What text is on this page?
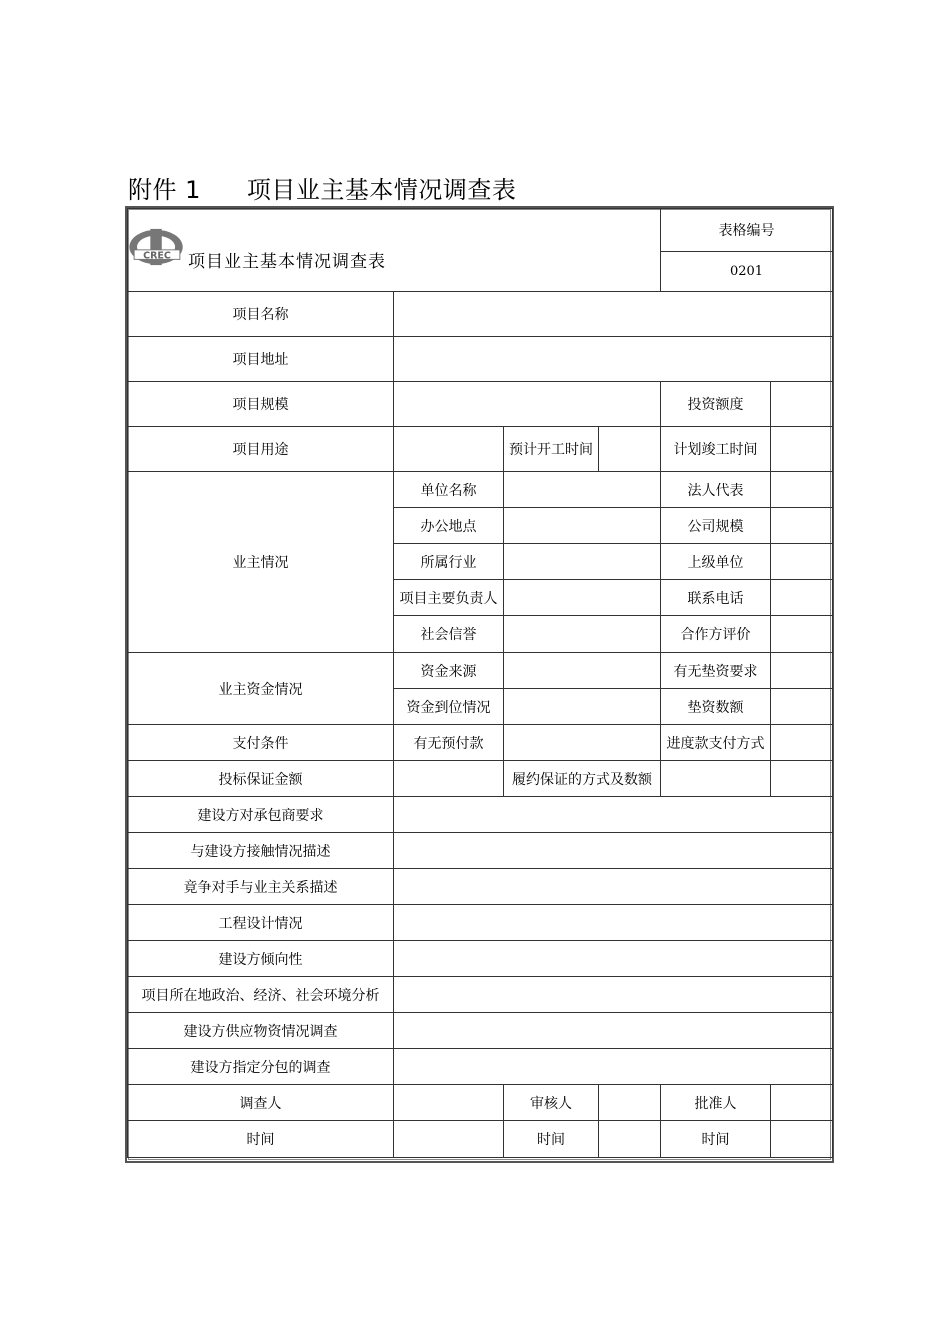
附件 1 项目业主基本情况调查表
CREC 项目业主基本情况调查表				表格编号	
				0201	
项目名称					
项目地址					
项目规模				投资额度	
项目用途		预计开工时间		计划竣工时间	
业主情况	单位名称			法人代表	
	办公地点			公司规模	
	所属行业			上级单位	
	项目主要负责人			联系电话	
	社会信誉			合作方评价	
业主资金情况	资金来源			有无垫资要求	
	资金到位情况			垫资数额	
支付条件	有无预付款			进度款支付方式	
投标保证金额		履约保证的方式及数额			
建设方对承包商要求					
与建设方接触情况描述					
竟争对手与业主关系描述					
工程设计情况					
建设方倾向性					
项目所在地政治、经济、社会环境分析					
建设方供应物资情况调查					
建设方指定分包的调查					
调查人		审核人		批准人	
时间		时间		时间	
